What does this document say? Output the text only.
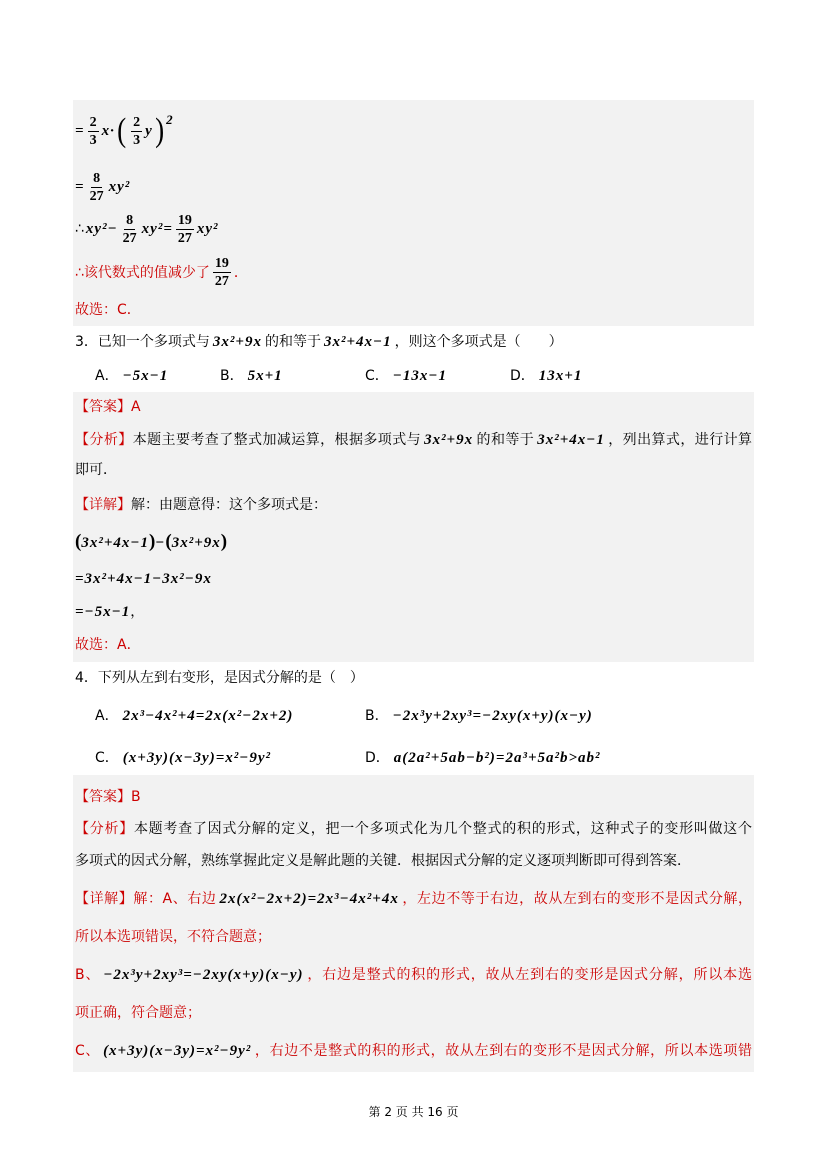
= $\frac{2}{3} x\cdot$ ( $\frac{2}{3}$ y ) 2
= $\frac{8}{27} xy^2$
∴ $xy^2- \frac{8}{27} xy^2= \frac{19}{27} xy^2$
∴该代数式的值减少了 $\frac{19}{27}$ ．
故选：C．
3．已知一个多项式与 3x²+9x 的和等于 3x²+4x−1 ，则这个多项式是（　　）
A． −5x−1	B． 5x+1	C． −13x−1	D． 13x+1
【答案】A
【分析】本题主要考查了整式加减运算，根据多项式与 3x²+9x 的和等于 3x²+4x−1 ，列出算式，进行计算
即可．
【详解】解：由题意得：这个多项式是：
(3x²+4x−1)−(3x²+9x)
=3x²+4x−1−3x²−9x
=−5x−1，
故选：A．
4．下列从左到右变形，是因式分解的是（　）
A． 2x³−4x²+4=2x(x²−2x+2)	B． −2x³y+2xy³=−2xy(x+y)(x−y)
C． (x+3y)(x−3y)=x²−9y²	D． a(2a²+5ab−b²)=2a³+5a²b>ab²
【答案】B
【分析】本题考查了因式分解的定义，把一个多项式化为几个整式的积的形式，这种式子的变形叫做这个
多项式的因式分解，熟练掌握此定义是解此题的关键．根据因式分解的定义逐项判断即可得到答案．
【详解】解：A、右边 2x(x²−2x+2)=2x³−4x²+4x ，左边不等于右边，故从左到右的变形不是因式分解，
所以本选项错误，不符合题意；
B、 −2x³y+2xy³=−2xy(x+y)(x−y) ，右边是整式的积的形式，故从左到右的变形是因式分解，所以本选
项正确，符合题意；
C、 (x+3y)(x−3y)=x²−9y² ，右边不是整式的积的形式，故从左到右的变形不是因式分解，所以本选项错
第 2 页 共 16 页
